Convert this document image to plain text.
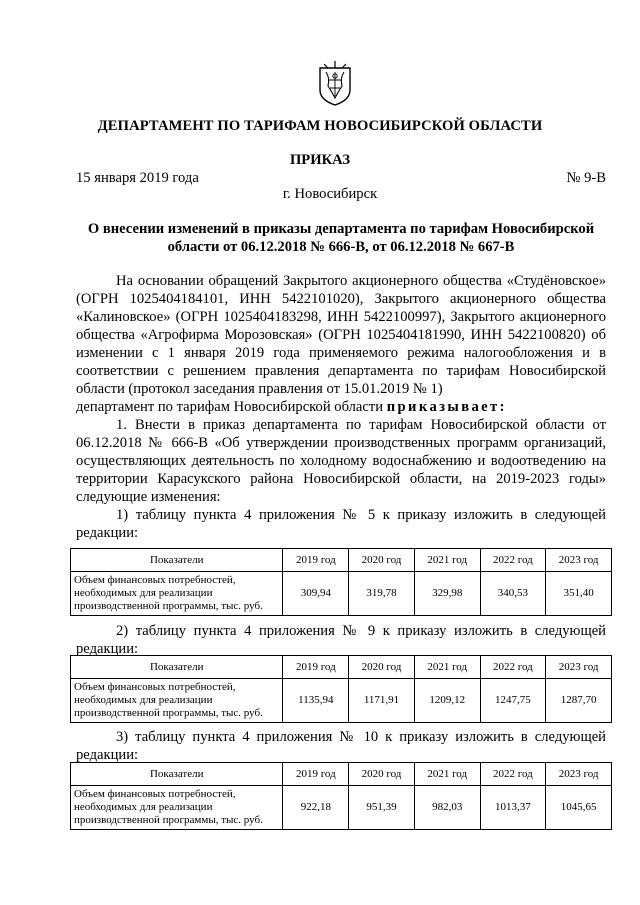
ДЕПАРТАМЕНТ ПО ТАРИФАМ НОВОСИБИРСКОЙ ОБЛАСТИ
ПРИКАЗ
15 января 2019 года	№ 9-В
г. Новосибирск
О внесении изменений в приказы департамента по тарифам Новосибирской области от 06.12.2018 № 666-В, от 06.12.2018 № 667-В

На основании обращений Закрытого акционерного общества «Студёновское» (ОГРН 1025404184101, ИНН 5422101020), Закрытого акционерного общества «Калиновское» (ОГРН 1025404183298, ИНН 5422100997), Закрытого акционерного общества «Агрофирма Морозовская» (ОГРН 1025404181990, ИНН 5422100820) об изменении с 1 января 2019 года применяемого режима налогообложения и в соответствии с решением правления департамента по тарифам Новосибирской области (протокол заседания правления от 15.01.2019 № 1)

департамент по тарифам Новосибирской области приказывает:

1. Внести в приказ департамента по тарифам Новосибирской области от 06.12.2018 № 666-В «Об утверждении производственных программ организаций, осуществляющих деятельность по холодному водоснабжению и водоотведению на территории Карасукского района Новосибирской области, на 2019-2023 годы» следующие изменения:

1) таблицу пункта 4 приложения № 5 к приказу изложить в следующей редакции:

Показатели	2019 год	2020 год	2021 год	2022 год	2023 год
Объем финансовых потребностей, необходимых для реализации производственной программы, тыс. руб.	309,94	319,78	329,98	340,53	351,40

2) таблицу пункта 4 приложения № 9 к приказу изложить в следующей редакции:

Показатели	2019 год	2020 год	2021 год	2022 год	2023 год
Объем финансовых потребностей, необходимых для реализации производственной программы, тыс. руб.	1135,94	1171,91	1209,12	1247,75	1287,70

3) таблицу пункта 4 приложения № 10 к приказу изложить в следующей редакции:

Показатели	2019 год	2020 год	2021 год	2022 год	2023 год
Объем финансовых потребностей, необходимых для реализации производственной программы, тыс. руб.	922,18	951,39	982,03	1013,37	1045,65
